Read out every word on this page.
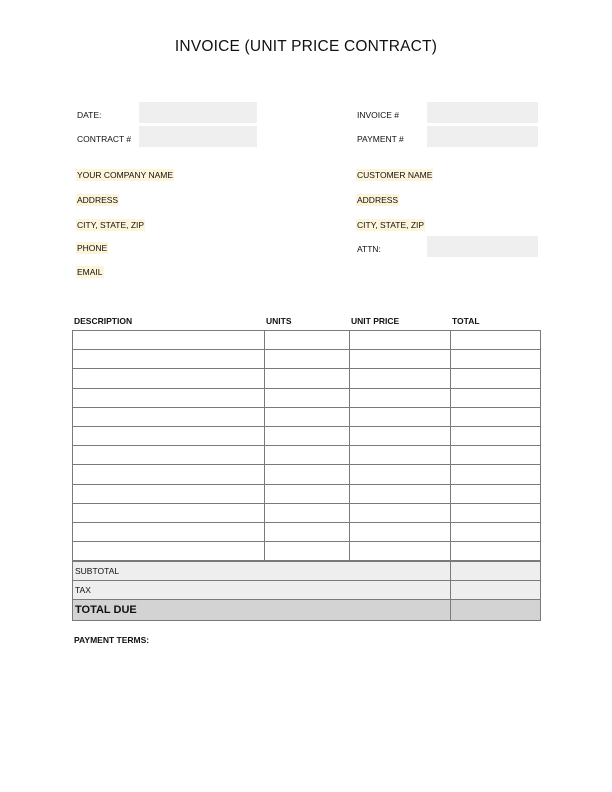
INVOICE (UNIT PRICE CONTRACT)
DATE:
CONTRACT #
INVOICE #
PAYMENT #
YOUR COMPANY NAME
ADDRESS
CITY, STATE, ZIP
PHONE
EMAIL
CUSTOMER NAME
ADDRESS
CITY, STATE, ZIP
ATTN:
DESCRIPTION	UNITS	UNIT PRICE	TOTAL

SUBTOTAL	
TAX	
TOTAL DUE	
PAYMENT TERMS:
